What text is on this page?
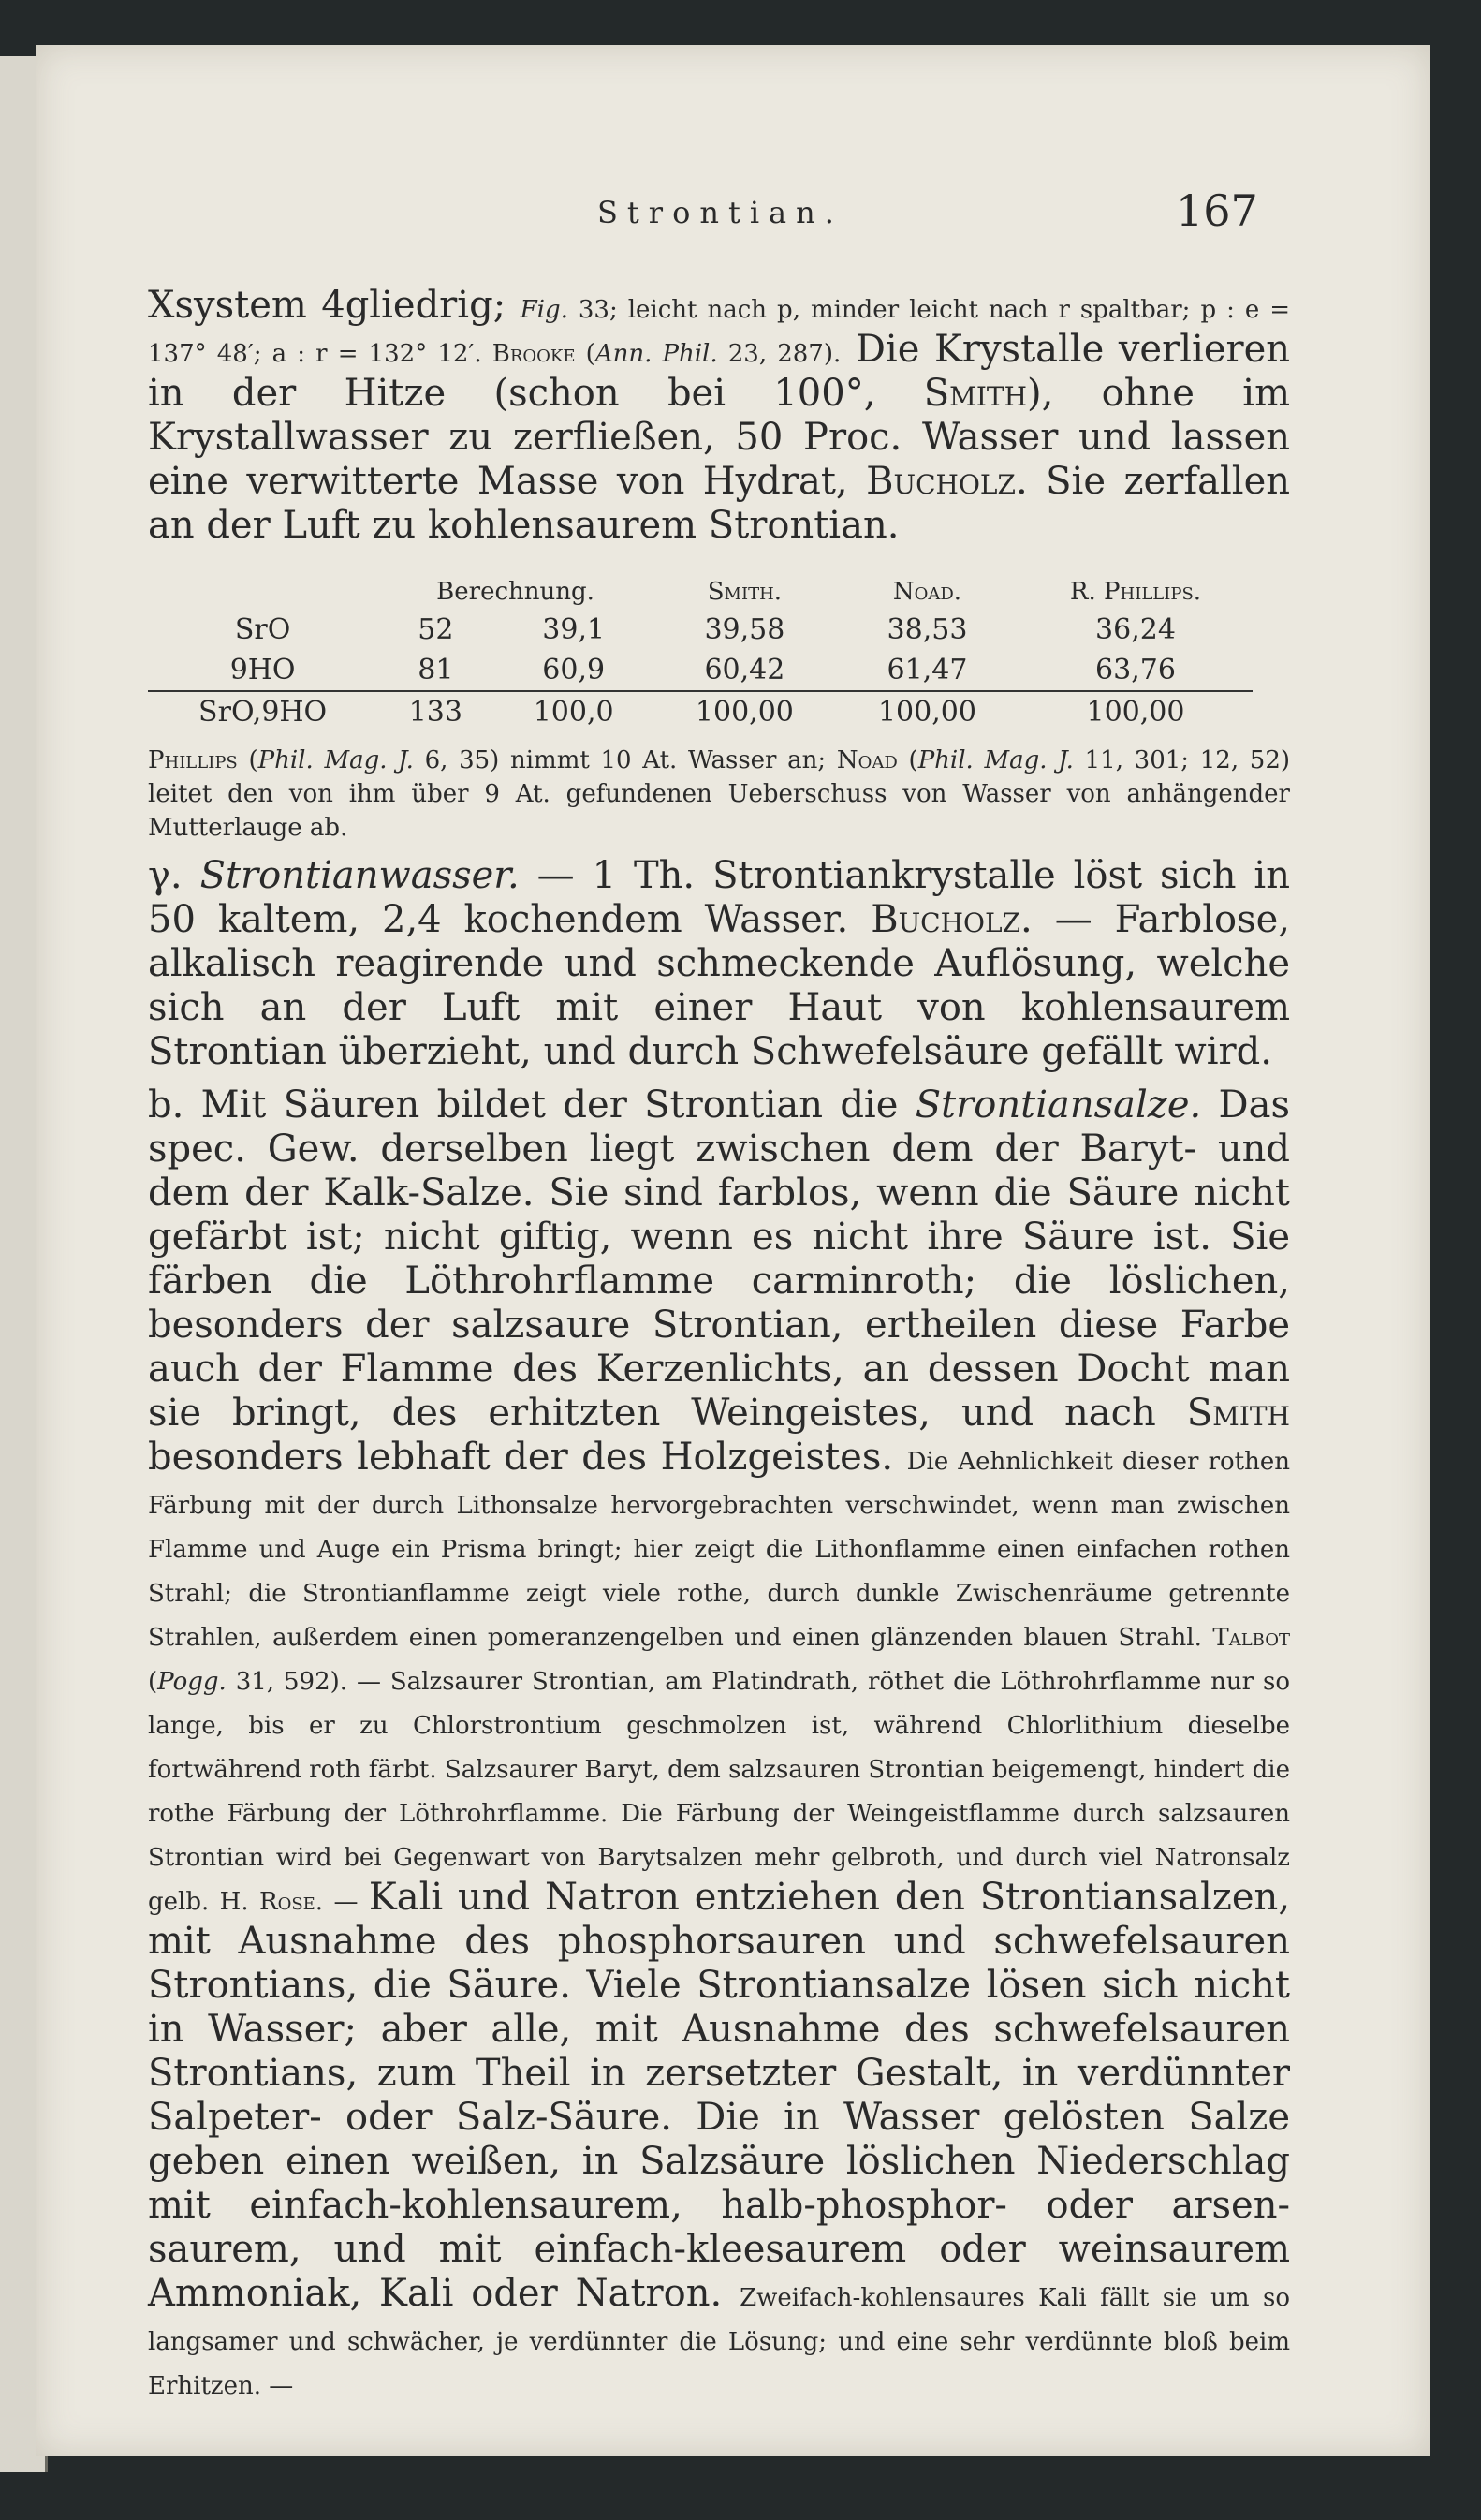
Strontian.	167

Xsystem 4gliedrig; Fig. 33; leicht nach p, minder leicht nach r spaltbar; p : e = 137° 48′; a : r = 132° 12′. Brooke (Ann. Phil. 23, 287). Die Krystalle verlieren in der Hitze (schon bei 100°, Smith), ohne im Krystallwasser zu zerfließen, 50 Proc. Wasser und lassen eine verwitterte Masse von Hydrat, Bucholz. Sie zerfallen an der Luft zu kohlensaurem Strontian.

	Berechnung.		Smith.	Noad.	R. Phillips.
SrO	52	39,1	39,58	38,53	36,24
9HO	81	60,9	60,42	61,47	63,76
SrO,9HO	133	100,0	100,00	100,00	100,00

Phillips (Phil. Mag. J. 6, 35) nimmt 10 At. Wasser an; Noad (Phil. Mag. J. 11, 301; 12, 52) leitet den von ihm über 9 At. gefundenen Ueberschuss von Wasser von anhängender Mutterlauge ab.

γ. Strontianwasser. — 1 Th. Strontiankrystalle löst sich in 50 kaltem, 2,4 kochendem Wasser. Bucholz. — Farblose, alkalisch reagirende und schmeckende Auflösung, welche sich an der Luft mit einer Haut von kohlensaurem Strontian überzieht, und durch Schwefelsäure gefällt wird.

b. Mit Säuren bildet der Strontian die Strontiansalze. Das spec. Gew. derselben liegt zwischen dem der Baryt- und dem der Kalk-Salze. Sie sind farblos, wenn die Säure nicht gefärbt ist; nicht giftig, wenn es nicht ihre Säure ist. Sie färben die Löthrohrflamme carminroth; die löslichen, besonders der salzsaure Strontian, ertheilen diese Farbe auch der Flamme des Kerzenlichts, an dessen Docht man sie bringt, des erhitzten Weingeistes, und nach Smith besonders lebhaft der des Holzgeistes. Die Aehnlichkeit dieser rothen Färbung mit der durch Lithonsalze hervorgebrachten verschwindet, wenn man zwischen Flamme und Auge ein Prisma bringt; hier zeigt die Lithonflamme einen einfachen rothen Strahl; die Strontianflamme zeigt viele rothe, durch dunkle Zwischenräume getrennte Strahlen, außerdem einen pomeranzengelben und einen glänzenden blauen Strahl. Talbot (Pogg. 31, 592). — Salzsaurer Strontian, am Platindrath, röthet die Löthrohrflamme nur so lange, bis er zu Chlorstrontium geschmolzen ist, während Chlorlithium dieselbe fortwährend roth färbt. Salzsaurer Baryt, dem salzsauren Strontian beigemengt, hindert die rothe Färbung der Löthrohrflamme. Die Färbung der Weingeistflamme durch salzsauren Strontian wird bei Gegenwart von Barytsalzen mehr gelbroth, und durch viel Natronsalz gelb. H. Rose. — Kali und Natron entziehen den Strontiansalzen, mit Ausnahme des phosphorsauren und schwefelsauren Strontians, die Säure. Viele Strontiansalze lösen sich nicht in Wasser; aber alle, mit Ausnahme des schwefelsauren Strontians, zum Theil in zersetzter Gestalt, in verdünnter Salpeter- oder Salz-Säure. Die in Wasser gelösten Salze geben einen weißen, in Salzsäure löslichen Niederschlag mit einfach-kohlensaurem, halb-phosphor- oder arsen-saurem, und mit einfach-kleesaurem oder weinsaurem Ammoniak, Kali oder Natron. Zweifach-kohlensaures Kali fällt sie um so langsamer und schwächer, je verdünnter die Lösung; und eine sehr verdünnte bloß beim Erhitzen. —
